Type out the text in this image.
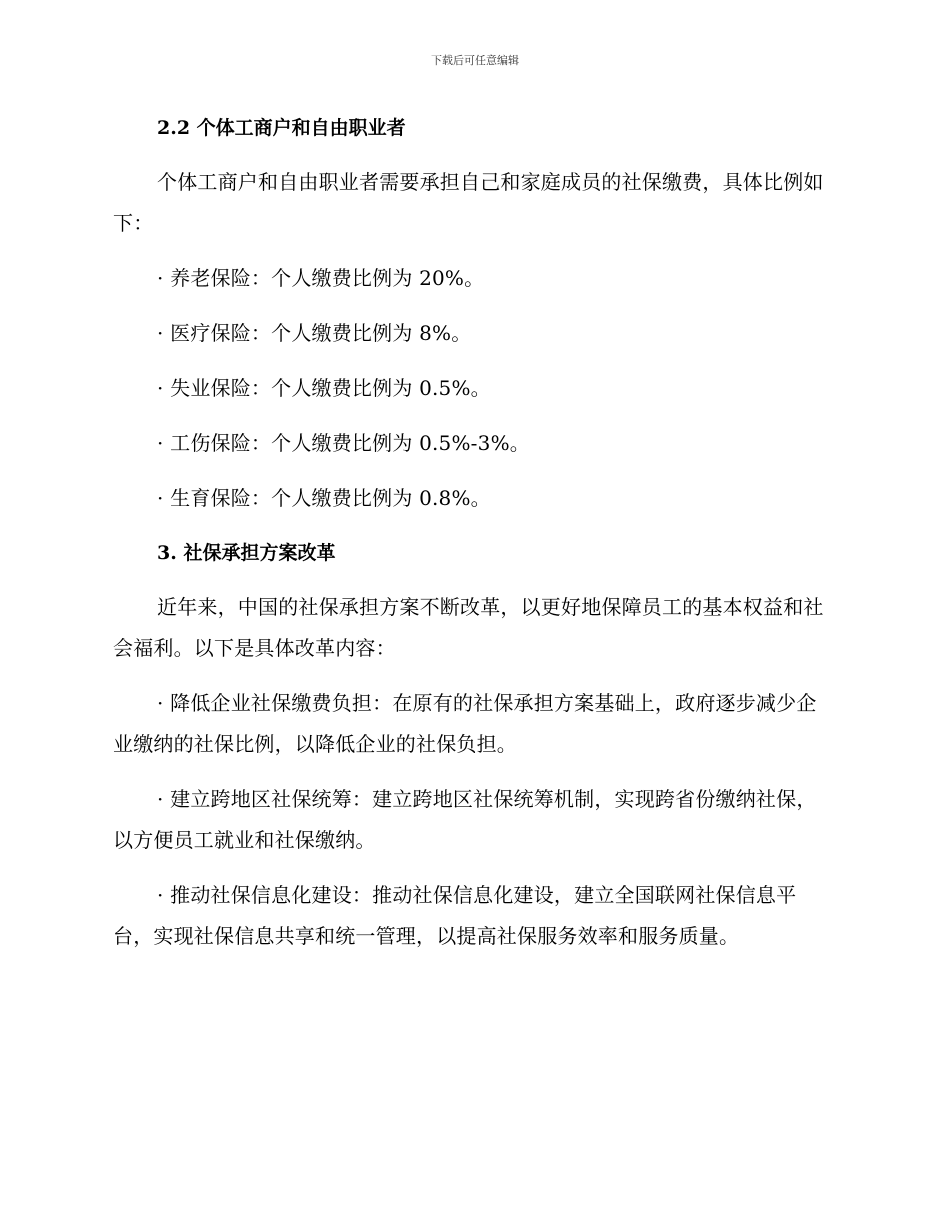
下载后可任意编辑
2.2 个体工商户和自由职业者

个体工商户和自由职业者需要承担自己和家庭成员的社保缴费，具体比例如下：

· 养老保险：个人缴费比例为 20%。

· 医疗保险：个人缴费比例为 8%。

· 失业保险：个人缴费比例为 0.5%。

· 工伤保险：个人缴费比例为 0.5%-3%。

· 生育保险：个人缴费比例为 0.8%。

3. 社保承担方案改革

近年来，中国的社保承担方案不断改革，以更好地保障员工的基本权益和社会福利。以下是具体改革内容：

· 降低企业社保缴费负担：在原有的社保承担方案基础上，政府逐步减少企业缴纳的社保比例，以降低企业的社保负担。

· 建立跨地区社保统筹：建立跨地区社保统筹机制，实现跨省份缴纳社保，以方便员工就业和社保缴纳。

· 推动社保信息化建设：推动社保信息化建设，建立全国联网社保信息平台，实现社保信息共享和统一管理，以提高社保服务效率和服务质量。
